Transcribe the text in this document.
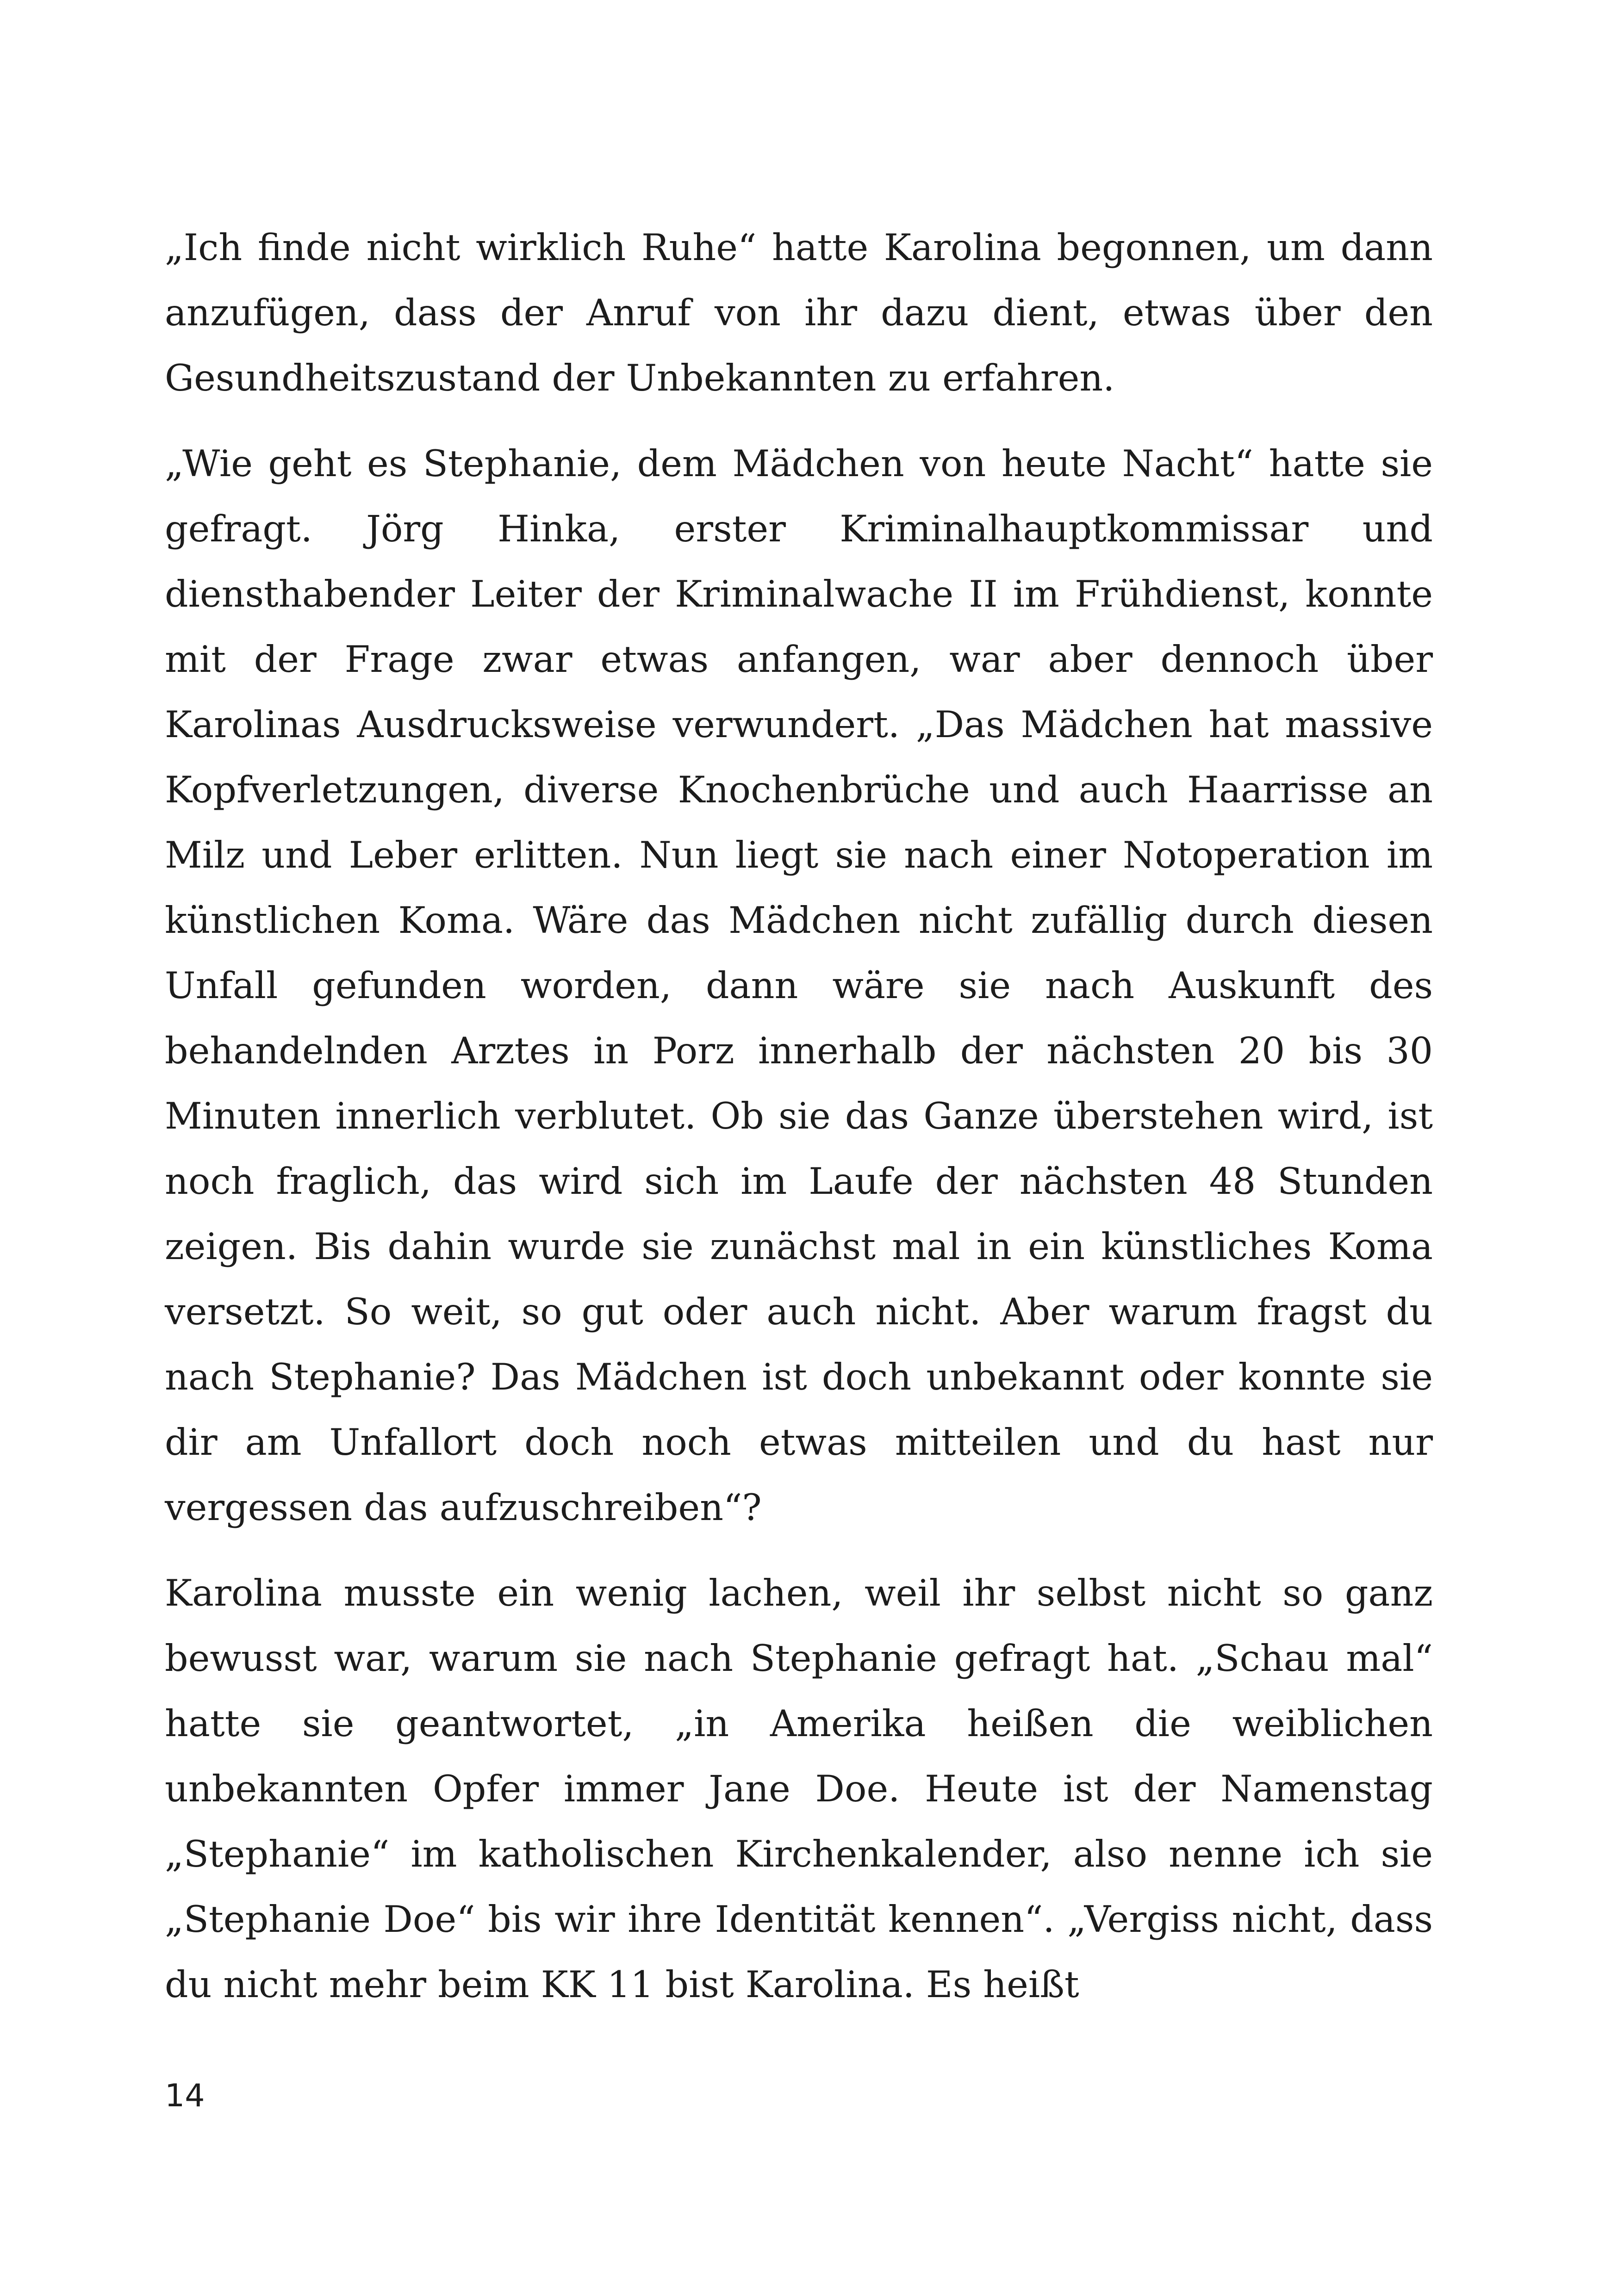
„Ich finde nicht wirklich Ruhe“ hatte Karolina begonnen, um dann anzufügen, dass der Anruf von ihr dazu dient, etwas über den Gesundheitszustand der Unbekannten zu erfahren.

„Wie geht es Stephanie, dem Mädchen von heute Nacht“ hatte sie gefragt. Jörg Hinka, erster Kriminalhauptkommissar und diensthabender Leiter der Kriminalwache II im Frühdienst, konnte mit der Frage zwar etwas anfangen, war aber dennoch über Karolinas Ausdrucksweise verwundert. „Das Mädchen hat massive Kopfverletzungen, diverse Knochenbrüche und auch Haarrisse an Milz und Leber erlitten. Nun liegt sie nach einer Notoperation im künstlichen Koma. Wäre das Mädchen nicht zufällig durch diesen Unfall gefunden worden, dann wäre sie nach Auskunft des behandelnden Arztes in Porz innerhalb der nächsten 20 bis 30 Minuten innerlich verblutet. Ob sie das Ganze überstehen wird, ist noch fraglich, das wird sich im Laufe der nächsten 48 Stunden zeigen. Bis dahin wurde sie zunächst mal in ein künstliches Koma versetzt. So weit, so gut oder auch nicht. Aber warum fragst du nach Stephanie? Das Mädchen ist doch unbekannt oder konnte sie dir am Unfallort doch noch etwas mitteilen und du hast nur vergessen das aufzuschreiben“?

Karolina musste ein wenig lachen, weil ihr selbst nicht so ganz bewusst war, warum sie nach Stephanie gefragt hat. „Schau mal“ hatte sie geantwortet, „in Amerika heißen die weiblichen unbekannten Opfer immer Jane Doe. Heute ist der Namenstag „Stephanie“ im katholischen Kirchenkalender, also nenne ich sie „Stephanie Doe“ bis wir ihre Identität kennen“. „Vergiss nicht, dass du nicht mehr beim KK 11 bist Karolina. Es heißt

14
